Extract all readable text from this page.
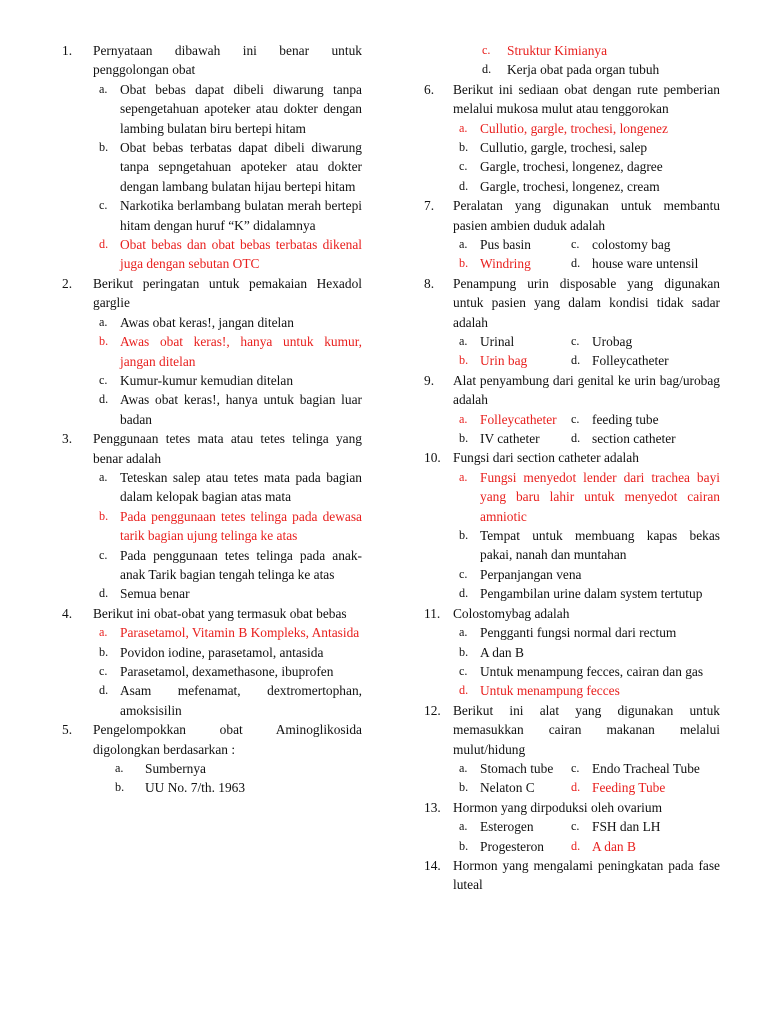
1.	Pernyataan dibawah ini benar untuk penggolongan obat
a. Obat bebas dapat dibeli diwarung tanpa sepengetahuan apoteker atau dokter dengan lambing bulatan biru bertepi hitam
b. Obat bebas terbatas dapat dibeli diwarung tanpa sepngetahuan apoteker atau dokter dengan lambang bulatan hijau bertepi hitam
c. Narkotika berlambang bulatan merah bertepi hitam dengan huruf “K” didalamnya
d. Obat bebas dan obat bebas terbatas dikenal juga dengan sebutan OTC
2.	Berikut peringatan untuk pemakaian Hexadol garglie
a. Awas obat keras!, jangan ditelan
b. Awas obat keras!, hanya untuk kumur, jangan ditelan
c. Kumur-kumur kemudian ditelan
d. Awas obat keras!, hanya untuk bagian luar badan
3.	Penggunaan tetes mata atau tetes telinga yang benar adalah
a. Teteskan salep atau tetes mata pada bagian dalam kelopak bagian atas mata
b. Pada penggunaan tetes telinga pada dewasa tarik bagian ujung telinga ke atas
c. Pada penggunaan tetes telinga pada anak-anak Tarik bagian tengah telinga ke atas
d. Semua benar
4.	Berikut ini obat-obat yang termasuk obat bebas
a. Parasetamol, Vitamin B Kompleks, Antasida
b. Povidon iodine, parasetamol, antasida
c. Parasetamol, dexamethasone, ibuprofen
d. Asam mefenamat, dextromertophan, amoksisilin
5.	Pengelompokkan obat Aminoglikosida digolongkan berdasarkan :
a. Sumbernya
b. UU No. 7/th. 1963
c. Struktur Kimianya
d. Kerja obat pada organ tubuh
6.	Berikut ini sediaan obat dengan rute pemberian melalui mukosa mulut atau tenggorokan
a. Cullutio, gargle, trochesi, longenez
b. Cullutio, gargle, trochesi, salep
c. Gargle, trochesi, longenez, dagree
d. Gargle, trochesi, longenez, cream
7.	Peralatan yang digunakan untuk membantu pasien ambien duduk adalah
a. Pus basin	c. colostomy bag
b. Windring	d. house ware untensil
8.	Penampung urin disposable yang digunakan untuk pasien yang dalam kondisi tidak sadar adalah
a. Urinal	c. Urobag
b. Urin bag	d. Folleycatheter
9.	Alat penyambung dari genital ke urin bag/urobag adalah
a. Folleycatheter c. feeding tube
b. IV catheter	d. section catheter
10. Fungsi dari section catheter adalah
a. Fungsi menyedot lender dari trachea bayi yang baru lahir untuk menyedot cairan amniotic
b. Tempat untuk membuang kapas bekas pakai, nanah dan muntahan
c. Perpanjangan vena
d. Pengambilan urine dalam system tertutup
11. Colostomybag adalah
a. Pengganti fungsi normal dari rectum
b. A dan B
c. Untuk menampung fecces, cairan dan gas
d. Untuk menampung fecces
12. Berikut ini alat yang digunakan untuk memasukkan cairan makanan melalui mulut/hidung
a. Stomach tube c. Endo Tracheal Tube
b. Nelaton C	d. Feeding Tube
13. Hormon yang dirpoduksi oleh ovarium
a. Esterogen	c. FSH dan LH
b. Progesteron d. A dan B
14. Hormon yang mengalami peningkatan pada fase luteal
